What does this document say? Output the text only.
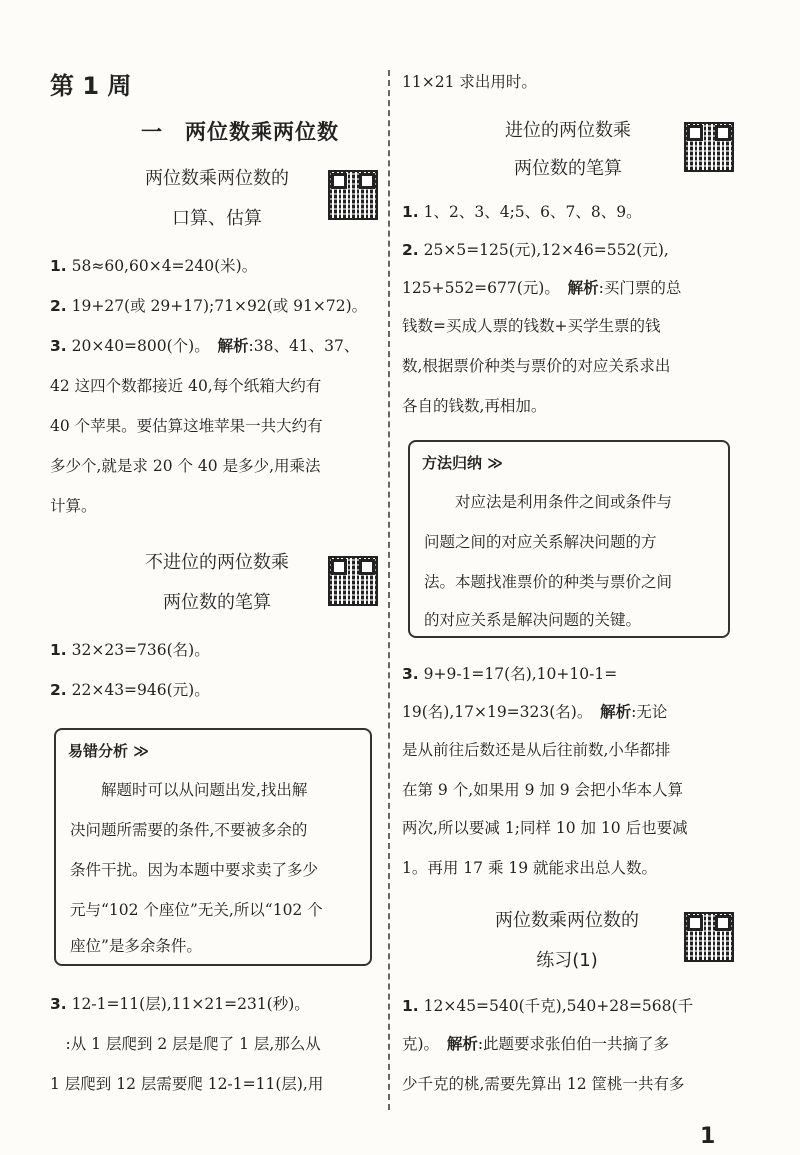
第 1 周
一　两位数乘两位数
两位数乘两位数的
口算、估算
1. 58≈60,60×4=240(米)。
2. 19+27(或 29+17);71×92(或 91×72)。
3. 20×40=800(个)。　解析:38、41、37、
42 这四个数都接近 40,每个纸箱大约有
40 个苹果。要估算这堆苹果一共大约有
多少个,就是求 20 个 40 是多少,用乘法
计算。
不进位的两位数乘
两位数的笔算
1. 32×23=736(名)。
2. 22×43=946(元)。
易错分析 ≫
　　解题时可以从问题出发,找出解
决问题所需要的条件,不要被多余的
条件干扰。因为本题中要求卖了多少
元与“102 个座位”无关,所以“102 个
座位”是多余条件。
3. 12-1=11(层),11×21=231(秒)。
　:从 1 层爬到 2 层是爬了 1 层,那么从
1 层爬到 12 层需要爬 12-1=11(层),用
11×21 求出用时。
进位的两位数乘
两位数的笔算
1. 1、2、3、4;5、6、7、8、9。
2. 25×5=125(元),12×46=552(元),
125+552=677(元)。　解析:买门票的总
钱数=买成人票的钱数+买学生票的钱
数,根据票价种类与票价的对应关系求出
各自的钱数,再相加。
方法归纳 ≫
　　对应法是利用条件之间或条件与
问题之间的对应关系解决问题的方
法。本题找准票价的种类与票价之间
的对应关系是解决问题的关键。
3. 9+9-1=17(名),10+10-1=
19(名),17×19=323(名)。　解析:无论
是从前往后数还是从后往前数,小华都排
在第 9 个,如果用 9 加 9 会把小华本人算
两次,所以要减 1;同样 10 加 10 后也要减
1。再用 17 乘 19 就能求出总人数。
两位数乘两位数的
练习(1)
1. 12×45=540(千克),540+28=568(千
克)。　解析:此题要求张伯伯一共摘了多
少千克的桃,需要先算出 12 筐桃一共有多
1
